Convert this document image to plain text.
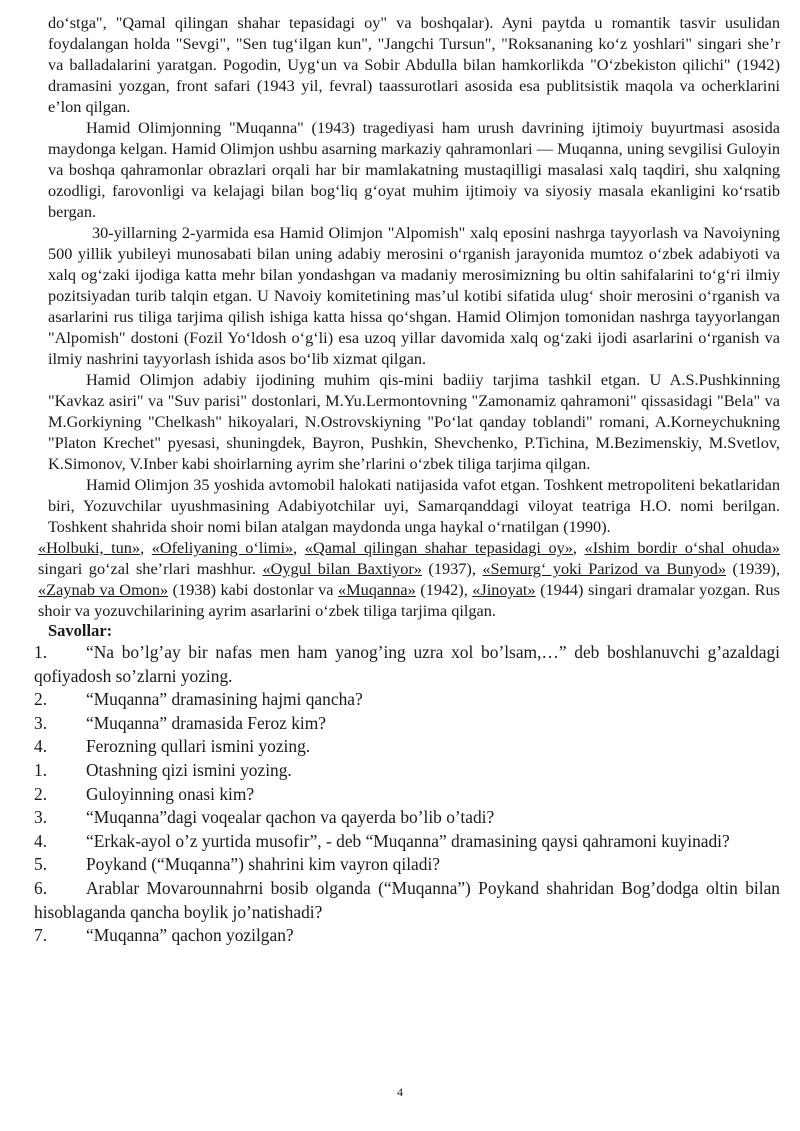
do‘stga", "Qamal qilingan shahar tepasidagi oy" va boshqalar). Ayni paytda u romantik tasvir usulidan foydalangan holda "Sevgi", "Sen tug‘ilgan kun", "Jangchi Tursun", "Roksananing ko‘z yoshlari" singari she’r va balladalarini yaratgan. Pogodin, Uyg‘un va Sobir Abdulla bilan hamkorlikda "O‘zbekiston qilichi" (1942) dramasini yozgan, front safari (1943 yil, fevral) taassurotlari asosida esa publitsistik maqola va ocherklarini e’lon qilgan.

Hamid Olimjonning "Muqanna" (1943) tragediyasi ham urush davrining ijtimoiy buyurtmasi asosida maydonga kelgan. Hamid Olimjon ushbu asarning markaziy qahramonlari — Muqanna, uning sevgilisi Guloyin va boshqa qahramonlar obrazlari orqali har bir mamlakatning mustaqilligi masalasi xalq taqdiri, shu xalqning ozodligi, farovonligi va kelajagi bilan bog‘liq g‘oyat muhim ijtimoiy va siyosiy masala ekanligini ko‘rsatib bergan.

30-yillarning 2-yarmida esa Hamid Olimjon "Alpomish" xalq eposini nashrga tayyorlash va Navoiyning 500 yillik yubileyi munosabati bilan uning adabiy merosini o‘rganish jarayonida mumtoz o‘zbek adabiyoti va xalq og‘zaki ijodiga katta mehr bilan yondashgan va madaniy merosimizning bu oltin sahifalarini to‘g‘ri ilmiy pozitsiyadan turib talqin etgan. U Navoiy komitetining mas’ul kotibi sifatida ulug‘ shoir merosini o‘rganish va asarlarini rus tiliga tarjima qilish ishiga katta hissa qo‘shgan. Hamid Olimjon tomonidan nashrga tayyorlangan "Alpomish" dostoni (Fozil Yo‘ldosh o‘g‘li) esa uzoq yillar davomida xalq og‘zaki ijodi asarlarini o‘rganish va ilmiy nashrini tayyorlash ishida asos bo‘lib xizmat qilgan.

Hamid Olimjon adabiy ijodining muhim qis-mini badiiy tarjima tashkil etgan. U A.S.Pushkinning "Kavkaz asiri" va "Suv parisi" dostonlari, M.Yu.Lermontovning "Zamonamiz qahramoni" qissasidagi "Bela" va M.Gorkiyning "Chelkash" hikoyalari, N.Ostrovskiyning "Po‘lat qanday toblandi" romani, A.Korneychukning "Platon Krechet" pyesasi, shuningdek, Bayron, Pushkin, Shevchenko, P.Tichina, M.Bezimenskiy, M.Svetlov, K.Simonov, V.Inber kabi shoirlarning ayrim she’rlarini o‘zbek tiliga tarjima qilgan.

Hamid Olimjon 35 yoshida avtomobil halokati natijasida vafot etgan. Toshkent metropoliteni bekatlaridan biri, Yozuvchilar uyushmasining Adabiyotchilar uyi, Samarqanddagi viloyat teatriga H.O. nomi berilgan. Toshkent shahrida shoir nomi bilan atalgan maydonda unga haykal o‘rnatilgan (1990).

«Holbuki, tun», «Ofeliyaning o‘limi», «Qamal qilingan shahar tepasidagi oy», «Ishim bordir o‘shal ohuda» singari go‘zal she’rlari mashhur. «Oygul bilan Baxtiyor» (1937), «Semurg‘ yoki Parizod va Bunyod» (1939), «Zaynab va Omon» (1938) kabi dostonlar va «Muqanna» (1942), «Jinoyat» (1944) singari dramalar yozgan. Rus shoir va yozuvchilarining ayrim asarlarini o‘zbek tiliga tarjima qilgan.

Savollar:

1. “Na bo’lg’ay bir nafas men ham yanog’ing uzra xol bo’lsam,…” deb boshlanuvchi g’azaldagi qofiyadosh so’zlarni yozing.
2. “Muqanna” dramasining hajmi qancha?
3. “Muqanna” dramasida Feroz kim?
4. Ferozning qullari ismini yozing.
1. Otashning qizi ismini yozing.
2. Guloyinning onasi kim?
3. “Muqanna”dagi voqealar qachon va qayerda bo’lib o’tadi?
4. “Erkak-ayol o’z yurtida musofir”, - deb “Muqanna” dramasining qaysi qahramoni kuyinadi?
5. Poykand (“Muqanna”) shahrini kim vayron qiladi?
6. Arablar Movarounnahrni bosib olganda (“Muqanna”) Poykand shahridan Bog’dodga oltin bilan hisoblaganda qancha boylik jo’natishadi?
7. “Muqanna” qachon yozilgan?
4
